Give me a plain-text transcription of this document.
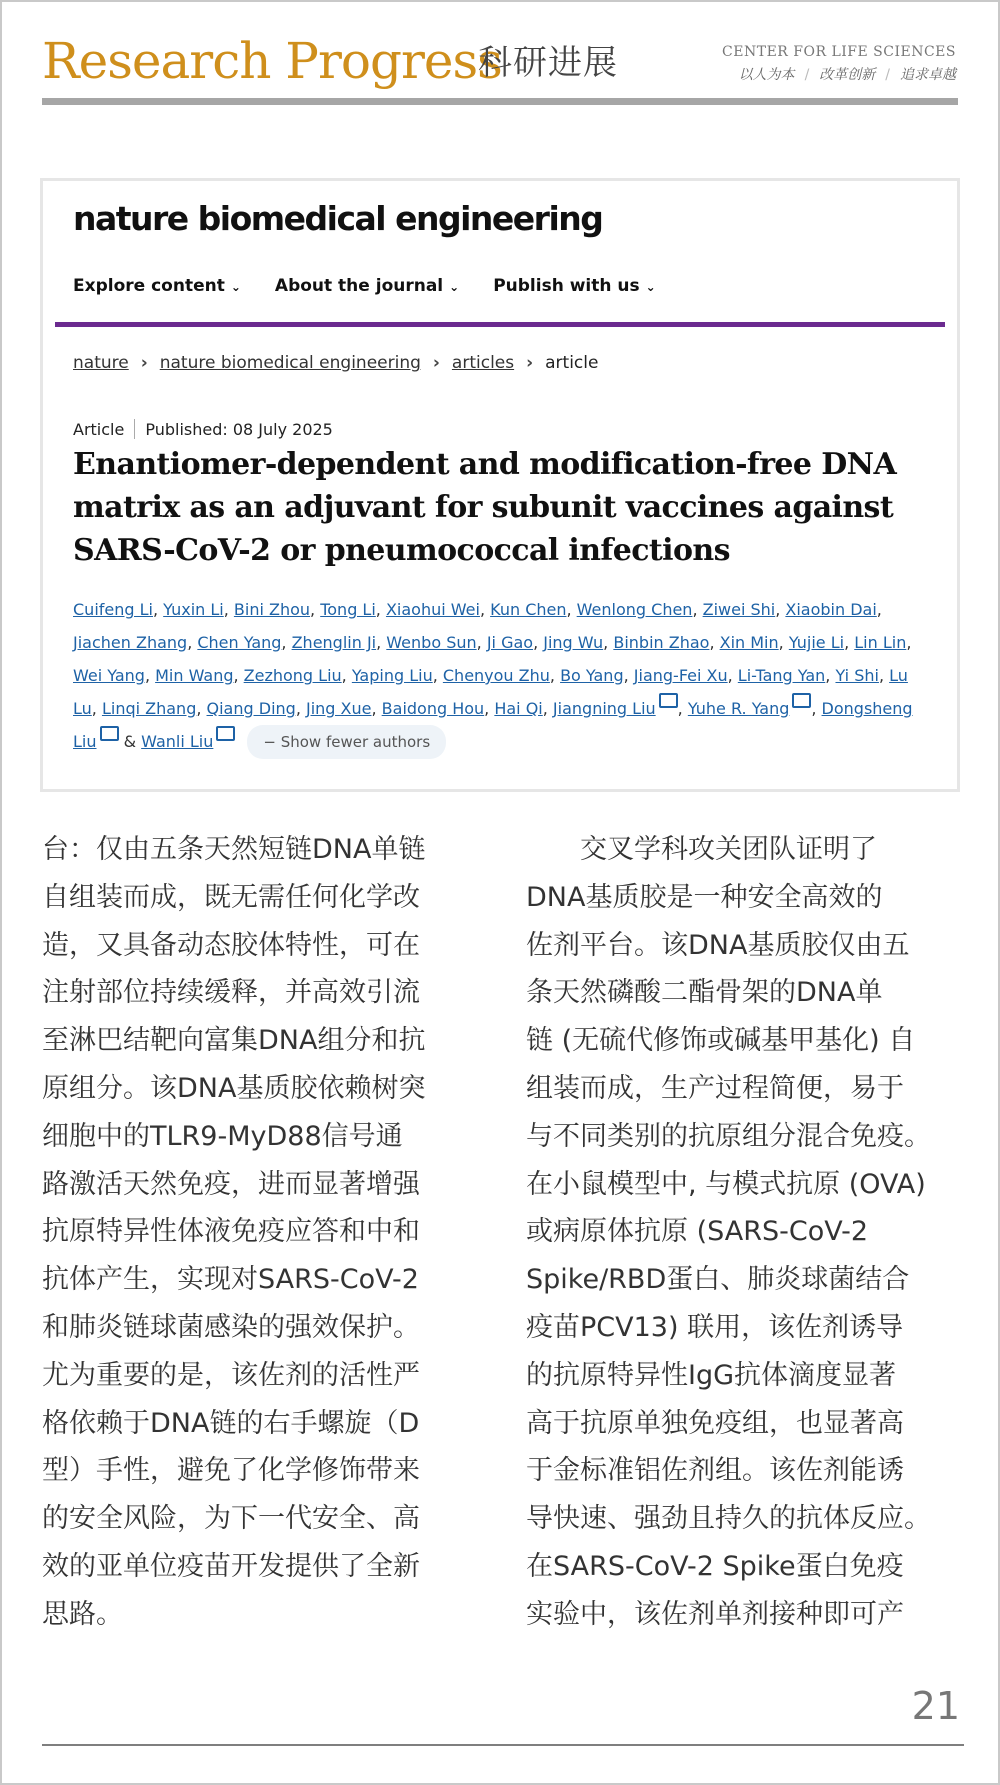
Research Progress
科研进展	CENTER FOR LIFE SCIENCES
以人为本 / 改革创新 / 追求卓越
nature biomedical engineering
Explore content ⌄ About the journal ⌄ Publish with us ⌄
nature › nature biomedical engineering › articles › article
Article Published: 08 July 2025
Enantiomer-dependent and modification-free DNA matrix as an adjuvant for subunit vaccines against SARS-CoV-2 or pneumococcal infections
Cuifeng Li, Yuxin Li, Bini Zhou, Tong Li, Xiaohui Wei, Kun Chen, Wenlong Chen, Ziwei Shi, Xiaobin Dai, Jiachen Zhang, Chen Yang, Zhenglin Ji, Wenbo Sun, Ji Gao, Jing Wu, Binbin Zhao, Xin Min, Yujie Li, Lin Lin, Wei Yang, Min Wang, Zezhong Liu, Yaping Liu, Chenyou Zhu, Bo Yang, Jiang-Fei Xu, Li-Tang Yan, Yi Shi, Lu Lu, Linqi Zhang, Qiang Ding, Jing Xue, Baidong Hou, Hai Qi, Jiangning Liu , Yuhe R. Yang , Dongsheng Liu & Wanli Liu	− Show fewer authors

台：仅由五条天然短链DNA单链

自组装而成，既无需任何化学改

造，又具备动态胶体特性，可在

注射部位持续缓释，并高效引流

至淋巴结靶向富集DNA组分和抗

原组分。该DNA基质胶依赖树突

细胞中的TLR9-MyD88信号通

路激活天然免疫，进而显著增强

抗原特异性体液免疫应答和中和

抗体产生，实现对SARS-CoV-2

和肺炎链球菌感染的强效保护。

尤为重要的是，该佐剂的活性严

格依赖于DNA链的右手螺旋（D

型）手性，避免了化学修饰带来

的安全风险，为下一代安全、高

效的亚单位疫苗开发提供了全新

思路。

　　交叉学科攻关团队证明了

DNA基质胶是一种安全高效的

佐剂平台。该DNA基质胶仅由五

条天然磷酸二酯骨架的DNA单

链 (无硫代修饰或碱基甲基化) 自

组装而成，生产过程简便，易于

与不同类别的抗原组分混合免疫。

在小鼠模型中, 与模式抗原 (OVA)

或病原体抗原 (SARS-CoV-2

Spike/RBD蛋白、肺炎球菌结合

疫苗PCV13) 联用，该佐剂诱导

的抗原特异性IgG抗体滴度显著

高于抗原单独免疫组，也显著高

于金标准铝佐剂组。该佐剂能诱

导快速、强劲且持久的抗体反应。

在SARS-CoV-2 Spike蛋白免疫

实验中，该佐剂单剂接种即可产

21
